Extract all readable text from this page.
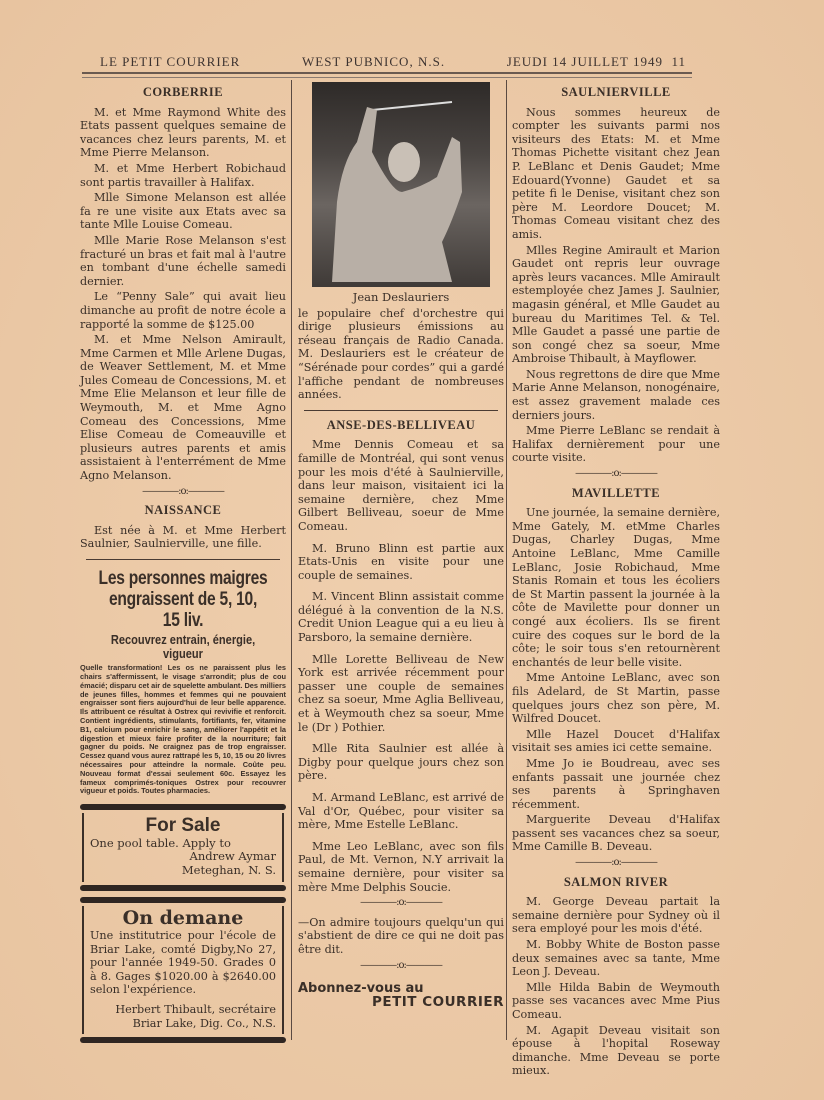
LE PETIT COURRIER	WEST PUBNICO, N.S.	JEUDI 14 JUILLET 1949 11
CORBERRIE

M. et Mme Raymond White des Etats passent quelques semaine de vacances chez leurs parents, M. et Mme Pierre Melanson.

M. et Mme Herbert Robichaud sont partis travailler à Halifax.

Mlle Simone Melanson est allée fa re une visite aux Etats avec sa tante Mlle Louise Comeau.

Mlle Marie Rose Melanson s'est fracturé un bras et fait mal à l'autre en tombant d'une échelle samedi dernier.

Le “Penny Sale” qui avait lieu dimanche au profit de notre école a rapporté la somme de $125.00

M. et Mme Nelson Amirault, Mme Carmen et Mlle Arlene Dugas, de Weaver Settlement, M. et Mme Jules Comeau de Concessions, M. et Mme Elie Melanson et leur fille de Weymouth, M. et Mme Agno Comeau des Concessions, Mme Elise Comeau de Comeauville et plusieurs autres parents et amis assistaient à l'enterrément de Mme Agno Melanson.

————:o:————
NAISSANCE

Est née à M. et Mme Herbert Saulnier, Saulnierville, une fille.

Les personnes maigres
engraissent de 5, 10, 15 liv.
Recouvrez entrain, énergie, vigueur
Quelle transformation! Les os ne paraissent plus les chairs s'affermissent, le visage s'arrondit; plus de cou émacié; disparu cet air de squelette ambulant. Des milliers de jeunes filles, hommes et femmes qui ne pouvaient engraisser sont fiers aujourd'hui de leur belle apparence. Ils attribuent ce résultat à Ostrex qui revivifie et renforcit. Contient ingrédients, stimulants, fortifiants, fer, vitamine B1, calcium pour enrichir le sang, améliorer l'appétit et la digestion et mieux faire profiter de la nourriture; fait gagner du poids. Ne craignez pas de trop engraisser. Cessez quand vous aurez rattrapé les 5, 10, 15 ou 20 livres nécessaires pour atteindre la normale. Coûte peu. Nouveau format d'essai seulement 60c. Essayez les fameux comprimés-toniques Ostrex pour recouvrer vigueur et poids. Toutes pharmacies.
For Sale
One pool table. Apply to
Andrew Aymar
Meteghan, N. S.
On demane
Une institutrice pour l'école de Briar Lake, comté Digby,No 27, pour l'année 1949-50. Grades 0 à 8. Gages $1020.00 à $2640.00 selon l'expérience.
Herbert Thibault, secrétaire
Briar Lake, Dig. Co., N.S.
Jean Deslauriers
le populaire chef d'orchestre qui dirige plusieurs émissions au réseau français de Radio Canada. M. Deslauriers est le créateur de “Sérénade pour cordes” qui a gardé l'affiche pendant de nombreuses années.
ANSE-DES-BELLIVEAU

Mme Dennis Comeau et sa famille de Montréal, qui sont venus pour les mois d'été à Saulnierville, dans leur maison, visitaient ici la semaine dernière, chez Mme Gilbert Belliveau, soeur de Mme Comeau.

M. Bruno Blinn est partie aux Etats-Unis en visite pour une couple de semaines.

M. Vincent Blinn assistait comme délégué à la convention de la N.S. Credit Union League qui a eu lieu à Parsboro, la semaine dernière.

Mlle Lorette Belliveau de New York est arrivée récemment pour passer une couple de semaines chez sa soeur, Mme Aglia Belliveau, et à Weymouth chez sa soeur, Mme le (Dr ) Pothier.

Mlle Rita Saulnier est allée à Digby pour quelque jours chez son père.

M. Armand LeBlanc, est arrivé de Val d'Or, Québec, pour visiter sa mère, Mme Estelle LeBlanc.

Mme Leo LeBlanc, avec son fils Paul, de Mt. Vernon, N.Y arrivait la semaine dernière, pour visiter sa mère Mme Delphis Soucie.

————:o:————
—On admire toujours quelqu'un qui s'abstient de dire ce qui ne doit pas être dit.
————:o:————
Abonnez-vous au
PETIT COURRIER
SAULNIERVILLE

Nous sommes heureux de compter les suivants parmi nos visiteurs des Etats: M. et Mme Thomas Pichette visitant chez Jean P. LeBlanc et Denis Gaudet; Mme Edouard(Yvonne) Gaudet et sa petite fi le Denise, visitant chez son père M. Leordore Doucet; M. Thomas Comeau visitant chez des amis.

Mlles Regine Amirault et Marion Gaudet ont repris leur ouvrage après leurs vacances. Mlle Amirault estemployée chez James J. Saulnier, magasin général, et Mlle Gaudet au bureau du Maritimes Tel. & Tel. Mlle Gaudet a passé une partie de son congé chez sa soeur, Mme Ambroise Thibault, à Mayflower.

Nous regrettons de dire que Mme Marie Anne Melanson, nonogénaire, est assez gravement malade ces derniers jours.

Mme Pierre LeBlanc se rendait à Halifax dernièrement pour une courte visite.

————:o:————
MAVILLETTE

Une journée, la semaine dernière, Mme Gately, M. etMme Charles Dugas, Charley Dugas, Mme Antoine LeBlanc, Mme Camille LeBlanc, Josie Robichaud, Mme Stanis Romain et tous les écoliers de St Martin passent la journée à la côte de Mavilette pour donner un congé aux écoliers. Ils se firent cuire des coques sur le bord de la côte; le soir tous s'en retournèrent enchantés de leur belle visite.

Mme Antoine LeBlanc, avec son fils Adelard, de St Martin, passe quelques jours chez son père, M. Wilfred Doucet.

Mlle Hazel Doucet d'Halifax visitait ses amies ici cette semaine.

Mme Jo ie Boudreau, avec ses enfants passait une journée chez ses parents à Springhaven récemment.

Marguerite Deveau d'Halifax passent ses vacances chez sa soeur, Mme Camille B. Deveau.

————:o:————
SALMON RIVER

M. George Deveau partait la semaine dernière pour Sydney où il sera employé pour les mois d'été.

M. Bobby White de Boston passe deux semaines avec sa tante, Mme Leon J. Deveau.

Mlle Hilda Babin de Weymouth passe ses vacances avec Mme Pius Comeau.

M. Agapit Deveau visitait son épouse à l'hopital Roseway dimanche. Mme Deveau se porte mieux.
